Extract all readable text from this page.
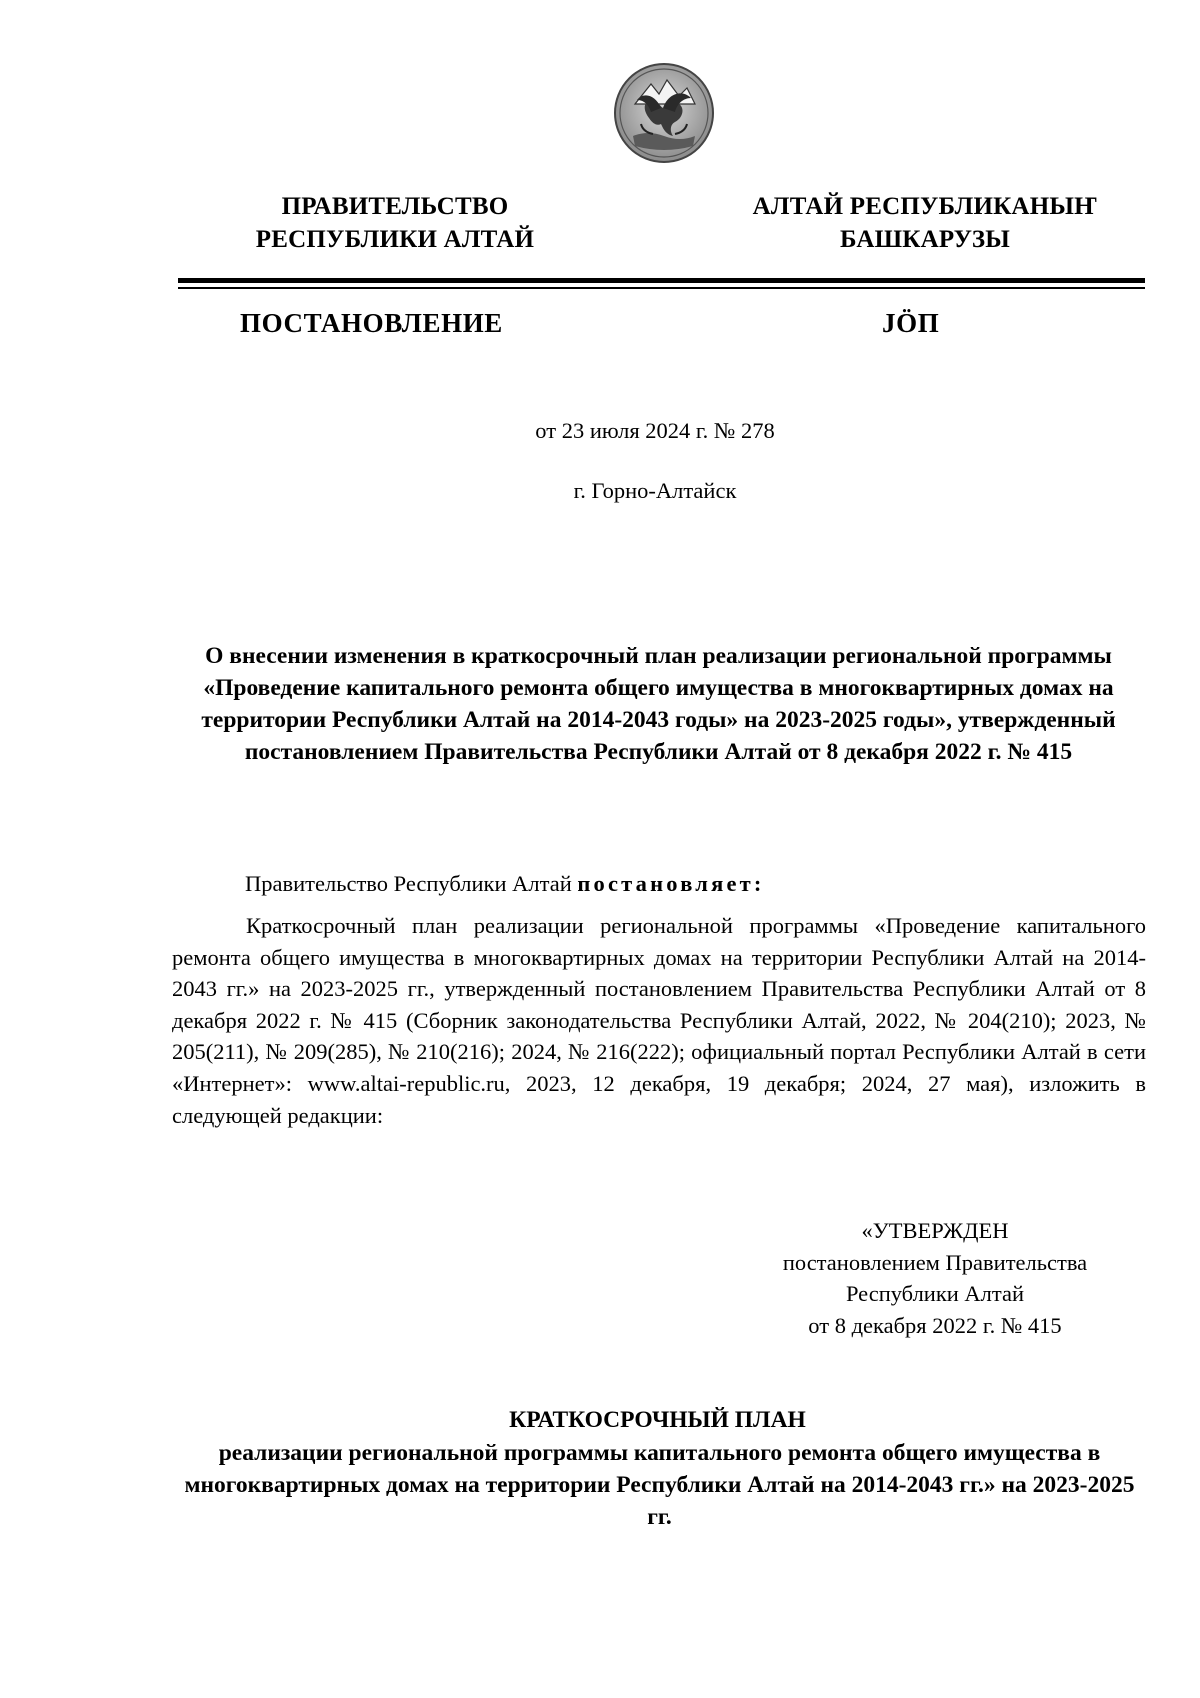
ПРАВИТЕЛЬСТВО
РЕСПУБЛИКИ АЛТАЙ
АЛТАЙ РЕСПУБЛИКАНЫҤ
БАШКАРУЗЫ
ПОСТАНОВЛЕНИЕ	JÖП
от 23 июля 2024 г. № 278
г. Горно-Алтайск
О внесении изменения в краткосрочный план реализации региональной программы «Проведение капитального ремонта общего имущества в многоквартирных домах на территории Республики Алтай на 2014-2043 годы» на 2023-2025 годы», утвержденный постановлением Правительства Республики Алтай от 8 декабря 2022 г. № 415
Правительство Республики Алтай постановляет:
Краткосрочный план реализации региональной программы «Проведение капитального ремонта общего имущества в многоквартирных домах на территории Республики Алтай на 2014-2043 гг.» на 2023-2025 гг., утвержденный постановлением Правительства Республики Алтай от 8 декабря 2022 г. № 415 (Сборник законодательства Республики Алтай, 2022, № 204(210); 2023, № 205(211), № 209(285), № 210(216); 2024, № 216(222); официальный портал Республики Алтай в сети «Интернет»: www.altai-republic.ru, 2023, 12 декабря, 19 декабря; 2024, 27 мая), изложить в следующей редакции:
«УТВЕРЖДЕН
постановлением Правительства
Республики Алтай
от 8 декабря 2022 г. № 415
КРАТКОСРОЧНЫЙ ПЛАН
реализации региональной программы капитального ремонта общего имущества в многоквартирных домах на территории Республики Алтай на 2014-2043 гг.» на 2023-2025 гг.
